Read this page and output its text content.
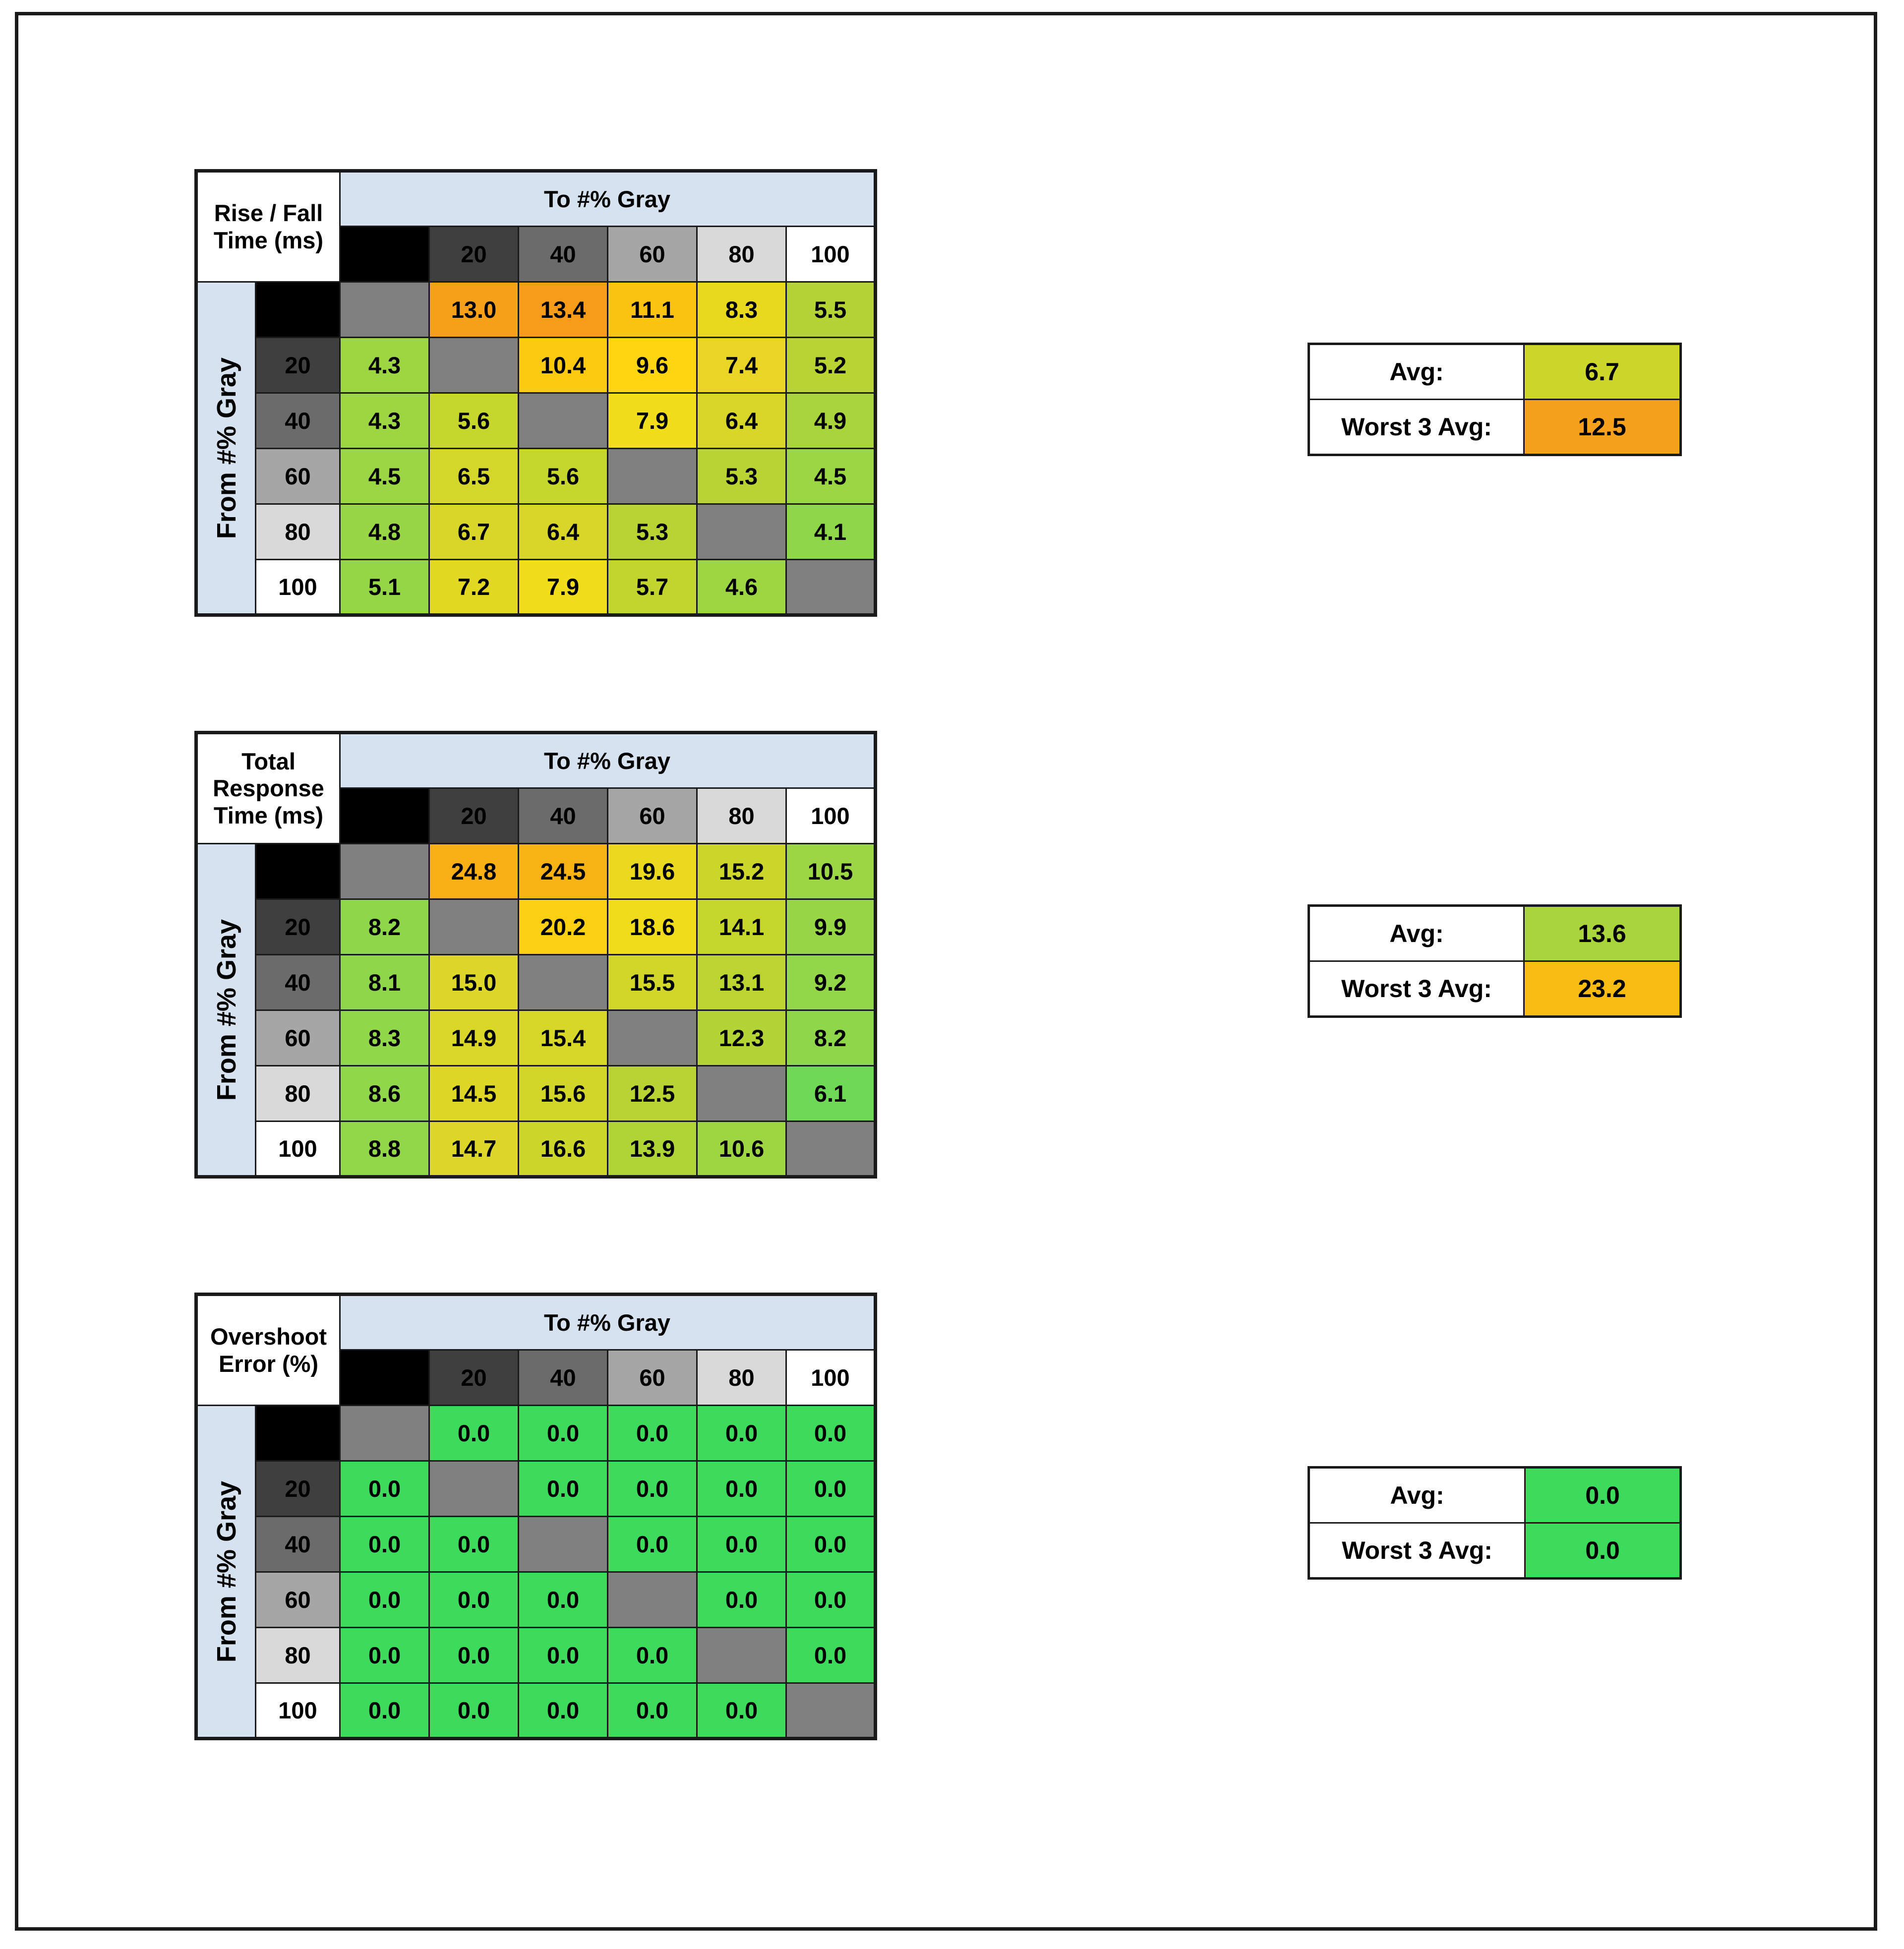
Rise / Fall
Time (ms)		To #% Gray					
		0	20	40	60	80	100

From #% Gray	0		13.0	13.4	11.1	8.3	5.5
	20	4.3		10.4	9.6	7.4	5.2
	40	4.3	5.6		7.9	6.4	4.9
	60	4.5	6.5	5.6		5.3	4.5
	80	4.8	6.7	6.4	5.3		4.1
	100	5.1	7.2	7.9	5.7	4.6	
Avg:	6.7
Worst 3 Avg:	12.5
Total Response
Time (ms)		To #% Gray					
		0	20	40	60	80	100

From #% Gray	0		24.8	24.5	19.6	15.2	10.5
	20	8.2		20.2	18.6	14.1	9.9
	40	8.1	15.0		15.5	13.1	9.2
	60	8.3	14.9	15.4		12.3	8.2
	80	8.6	14.5	15.6	12.5		6.1
	100	8.8	14.7	16.6	13.9	10.6	
Avg:	13.6
Worst 3 Avg:	23.2
Overshoot
Error (%)		To #% Gray					
		0	20	40	60	80	100

From #% Gray	0		0.0	0.0	0.0	0.0	0.0
	20	0.0		0.0	0.0	0.0	0.0
	40	0.0	0.0		0.0	0.0	0.0
	60	0.0	0.0	0.0		0.0	0.0
	80	0.0	0.0	0.0	0.0		0.0
	100	0.0	0.0	0.0	0.0	0.0	
Avg:	0.0
Worst 3 Avg:	0.0
